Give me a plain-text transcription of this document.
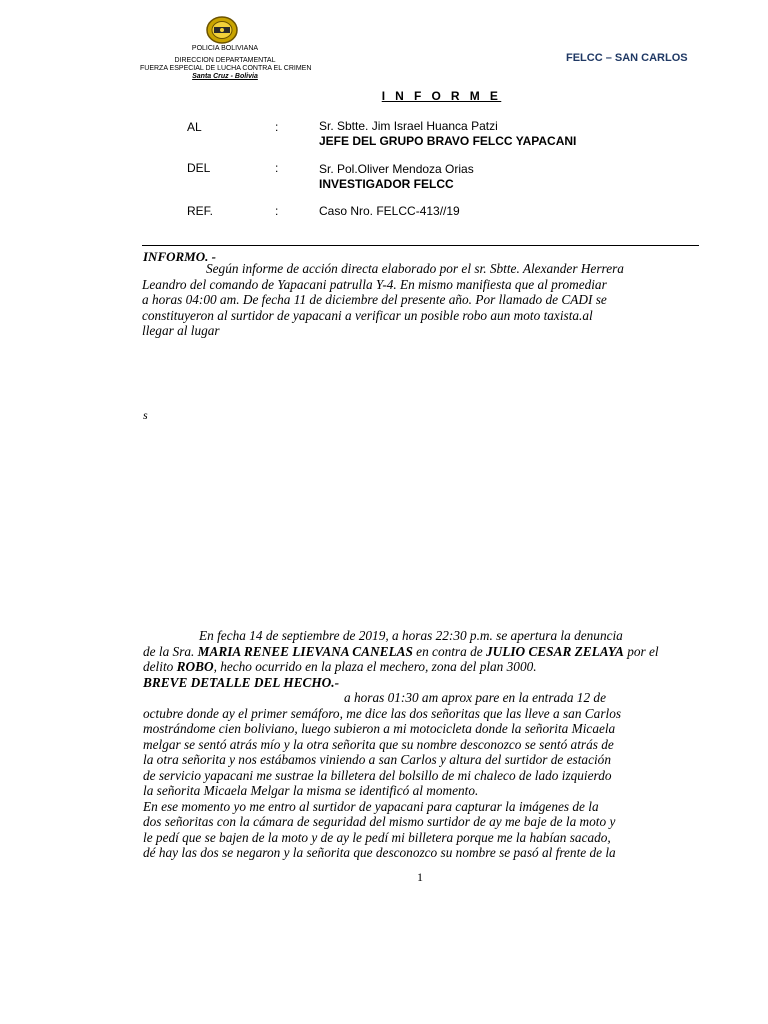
POLICIA BOLIVIANA
DIRECCION DEPARTAMENTAL
FUERZA ESPECIAL DE LUCHA CONTRA EL CRIMEN
Santa Cruz - Bolivia
FELCC – SAN CARLOS
I N F O R M E
AL	:	Sr. Sbtte. Jim Israel Huanca Patzi
JEFE DEL GRUPO BRAVO FELCC YAPACANI
DEL	:	Sr. Pol.Oliver Mendoza Orias
INVESTIGADOR FELCC
REF.	:	Caso Nro. FELCC-413//19
INFORMO. -
Según informe de acción directa elaborado por el sr. Sbtte. Alexander Herrera
Leandro del comando de Yapacani patrulla Y-4. En mismo manifiesta que al promediar
a horas 04:00 am. De fecha 11 de diciembre del presente año. Por llamado de CADI se
constituyeron al surtidor de yapacani a verificar un posible robo aun moto taxista.al
llegar al lugar
s
En fecha 14 de septiembre de 2019, a horas 22:30 p.m. se apertura la denuncia
de la Sra. MARIA RENEE LIEVANA CANELAS en contra de JULIO CESAR ZELAYA por el
delito ROBO, hecho ocurrido en la plaza el mechero, zona del plan 3000.
BREVE DETALLE DEL HECHO.-
a horas 01:30 am aprox pare en la entrada 12 de
octubre donde ay el primer semáforo, me dice las dos señoritas que las lleve a san Carlos
mostrándome cien boliviano, luego subieron a mi motocicleta donde la señorita Micaela
melgar se sentó atrás mío y la otra señorita que su nombre desconozco se sentó atrás de
la otra señorita y nos estábamos viniendo a san Carlos y altura del surtidor de estación
de servicio yapacani me sustrae la billetera del bolsillo de mi chaleco de lado izquierdo
la señorita Micaela Melgar la misma se identificó al momento.
En ese momento yo me entro al surtidor de yapacani para capturar la imágenes de la
dos señoritas con la cámara de seguridad del mismo surtidor de ay me baje de la moto y
le pedí que se bajen de la moto y de ay le pedí mi billetera porque me la habían sacado,
dé hay las dos se negaron y la señorita que desconozco su nombre se pasó al frente de la
1
